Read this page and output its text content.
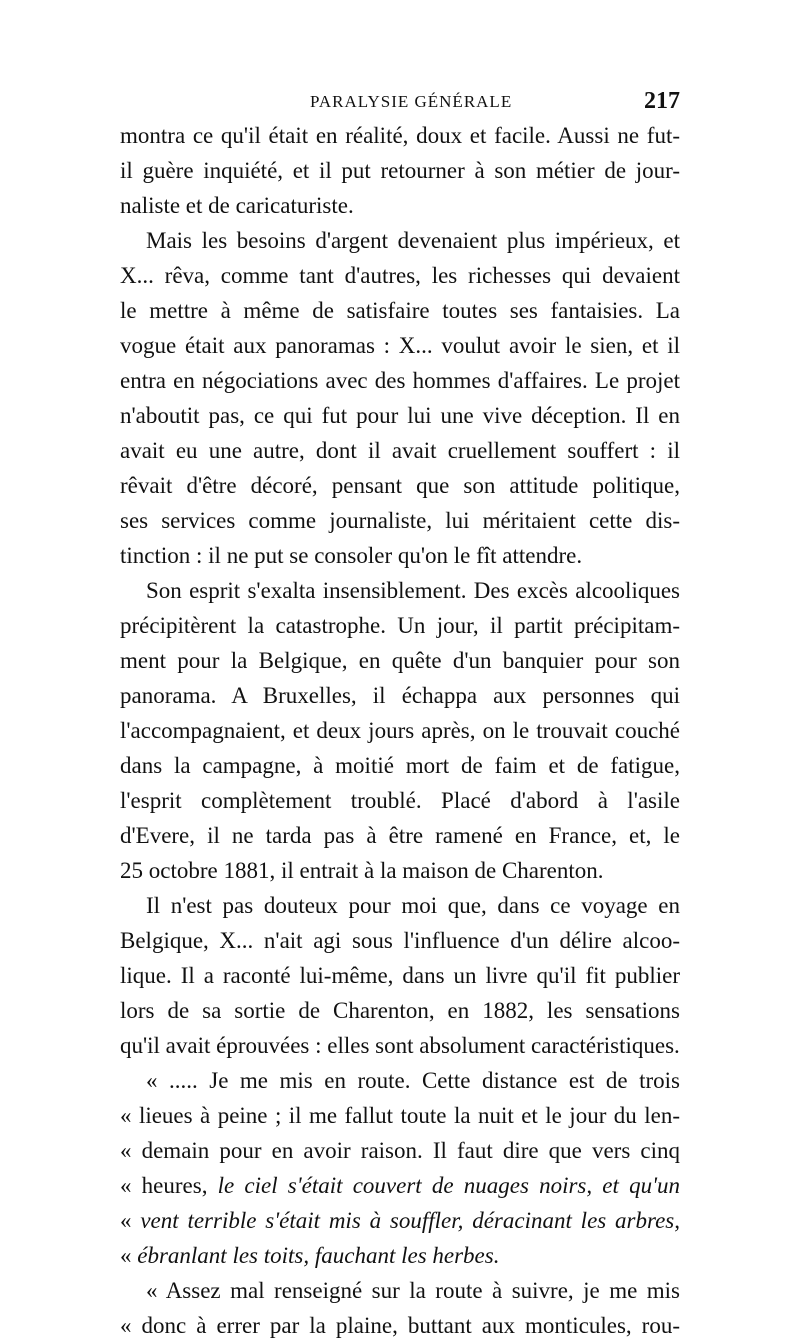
PARALYSIE GÉNÉRALE	217
montra ce qu'il était en réalité, doux et facile. Aussi ne fut-
il guère inquiété, et il put retourner à son métier de jour-
naliste et de caricaturiste.
Mais les besoins d'argent devenaient plus impérieux, et
X... rêva, comme tant d'autres, les richesses qui devaient
le mettre à même de satisfaire toutes ses fantaisies. La
vogue était aux panoramas : X... voulut avoir le sien, et il
entra en négociations avec des hommes d'affaires. Le projet
n'aboutit pas, ce qui fut pour lui une vive déception. Il en
avait eu une autre, dont il avait cruellement souffert : il
rêvait d'être décoré, pensant que son attitude politique,
ses services comme journaliste, lui méritaient cette dis-
tinction : il ne put se consoler qu'on le fît attendre.
Son esprit s'exalta insensiblement. Des excès alcooliques
précipitèrent la catastrophe. Un jour, il partit précipitam-
ment pour la Belgique, en quête d'un banquier pour son
panorama. A Bruxelles, il échappa aux personnes qui
l'accompagnaient, et deux jours après, on le trouvait couché
dans la campagne, à moitié mort de faim et de fatigue,
l'esprit complètement troublé. Placé d'abord à l'asile
d'Evere, il ne tarda pas à être ramené en France, et, le
25 octobre 1881, il entrait à la maison de Charenton.
Il n'est pas douteux pour moi que, dans ce voyage en
Belgique, X... n'ait agi sous l'influence d'un délire alcoo-
lique. Il a raconté lui-même, dans un livre qu'il fit publier
lors de sa sortie de Charenton, en 1882, les sensations
qu'il avait éprouvées : elles sont absolument caractéristiques.
« ..... Je me mis en route. Cette distance est de trois
« lieues à peine ; il me fallut toute la nuit et le jour du len-
« demain pour en avoir raison. Il faut dire que vers cinq
« heures, le ciel s'était couvert de nuages noirs, et qu'un
« vent terrible s'était mis à souffler, déracinant les arbres,
« ébranlant les toits, fauchant les herbes.
« Assez mal renseigné sur la route à suivre, je me mis
« donc à errer par la plaine, buttant aux monticules, rou-
